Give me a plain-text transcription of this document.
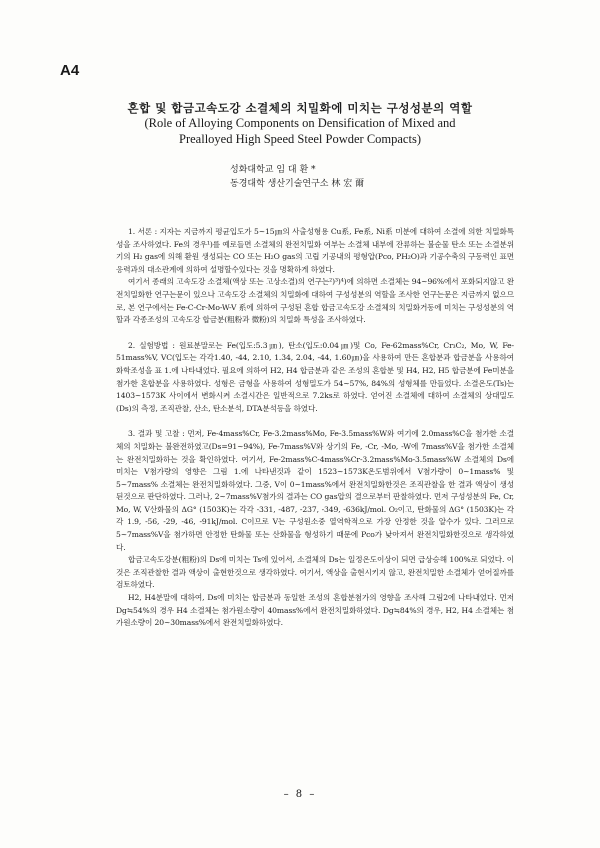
A4
혼합 및 합금고속도강 소결체의 치밀화에 미치는 구성성분의 역할
(Role of Alloying Components on Densification of Mixed and Prealloyed High Speed Steel Powder Compacts)
성화대학교 임 대 환 *
동경대학 생산기술연구소 林 宏 爾

1. 서론 : 지자는 지금까지 평균입도가 5~15㎛의 사출성형용 Cu系, Fe系, Ni系 미분에 대하여 소결에 의한 치밀화특성을 조사하였다. Fe의 경우¹)를 예로들면 소결체의 완전치밀화 여부는 소결체 내부에 잔류하는 불순물 탄소 또는 소결분위기의 H₂ gas에 의해 환원 생성되는 CO 또는 H₂O gas의 고립 기공내의 평형압(Pco, PH₂O)과 기공수축의 구동력인 표면응력과의 대소관계에 의하여 설명할수있다는 것을 명확하게 하였다.

여기서 종래의 고속도강 소결체(액상 또는 고상소결)의 연구는²)³)⁴)에 의하면 소결체는 94~96%에서 포화되지않고 완전치밀화한 연구는문이 있으나 고속도강 소결체의 치밀화에 대하여 구성성분의 역할을 조사한 연구는문은 지금까지 없으므로, 본 연구에서는 Fe-C-Cr-Mo-W-V 系에 의하여 구성된 혼합 합금고속도강 소결체의 치밀화거동에 미치는 구성성분의 역할과 각종조성의 고속도강 합금분(粗粉과 微粉)의 치밀화 특성을 조사하였다.

2. 실험방법 : 원료분말로는 Fe(입도:5.3㎛), 탄소(입도:0.04㎛)및 Co, Fe-62mass%Cr, Cr₃C₂, Mo, W, Fe-51mass%V, VC(입도는 각각1.40, -44, 2.10, 1.34, 2.04, -44, 1.60㎛)을 사용하여 만든 혼합분과 합금분을 사용하여 화학조성을 표 1.에 나타내었다. 필요에 의하여 H2, H4 합금분과 같은 조성의 혼합분 및 H4, H2, H5 합금분에 Fe미분을 첨가한 혼합분을 사용하였다. 성형은 금형을 사용하여 성형밀도가 54~57%, 84%의 성형체를 만들었다. 소결온도(Ts)는 1403~1573K 사이에서 변화시켜 소결시간은 일반적으로 7.2ks로 하였다. 얻어진 소결체에 대하여 소결체의 상대밀도(Ds)의 측정, 조직관찰, 산소, 탄소분석, DTA분석등을 하였다.

3. 결과 및 고찰 : 먼저, Fe-4mass%Cr, Fe-3.2mass%Mo, Fe-3.5mass%W와 여기에 2.0mass%C을 첨가한 소결체의 치밀화는 불완전하였고(Ds=91~94%), Fe-7mass%V와 상기의 Fe, -Cr, -Mo, -W에 7mass%V을 첨가한 소결체는 완전치밀화하는 것을 확인하였다. 여기서, Fe-2mass%C-4mass%Cr-3.2mass%Mo-3.5mass%W 소결체의 Ds에 미치는 V첨가량의 영향은 그림 1.에 나타낸것과 같이 1523~1573K온도범위에서 V첨가량이 0~1mass% 및 5~7mass% 소결체는 완전치밀화하였다. 그중, V이 0~1mass%에서 완전치밀화한것은 조직관찰을 한 결과 액상이 생성된것으로 판단하였다. 그러나, 2~7mass%V첨가의 결과는 CO gas압의 결으로부터 판찰하였다. 먼저 구성성분의 Fe, Cr, Mo, W, V산화물의 ΔG° (1503K)는 각각 -331, -487, -237, -349, -636kJ/mol. O₂이고, 탄화물의 ΔG° (1503K)는 각각 1.9, -56, -29, -46, -91kJ/mol. C이므로 V는 구성원소중 열역학적으로 가장 안정한 것을 알수가 있다. 그러므로 5~7mass%V을 첨가하면 안정한 탄화물 또는 산화물을 형성하기 때문에 Pco가 낮아져서 완전치밀화한것으로 생각하였다.

합금고속도강분(粗粉)의 Ds에 미치는 Ts에 있어서, 소결체의 Ds는 일정온도이상이 되면 급상승해 100%로 되었다. 이것은 조직관찰한 결과 액상이 출현한것으로 생각하였다. 여기서, 액상을 출현시키지 않고, 완전치밀한 소결체가 얻어질까를 검토하였다.

H2, H4분말에 대하여, Ds에 미치는 합금분과 동일한 조성의 혼합분첨가의 영향을 조사해 그림2에 나타내었다. 먼저 Dg≒54%의 경우 H4 소결체는 첨가원소량이 40mass%에서 완전치밀화하였다. Dg≒84%의 경우, H2, H4 소결체는 첨가원소량이 20~30mass%에서 완전치밀화하였다.

– 8 –
